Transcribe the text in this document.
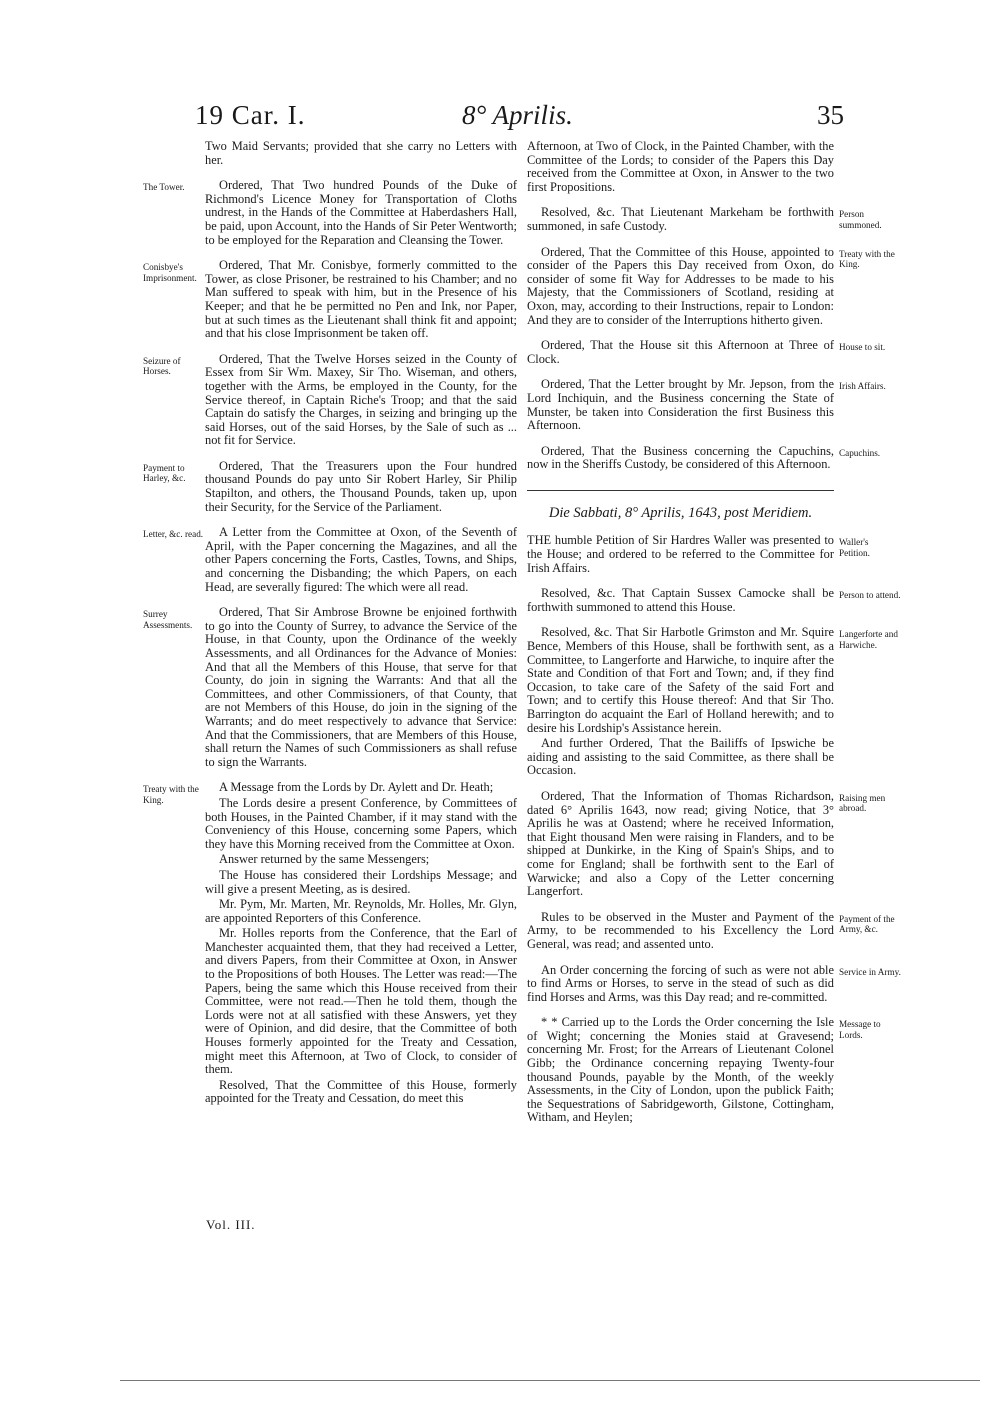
19 Car. I.	8° Aprilis.	35
Two Maid Servants; provided that she carry no Letters with her.
Ordered, That Two hundred Pounds of the Duke of Richmond's Licence Money for Transportation of Cloths undrest, in the Hands of the Committee at Haberdashers Hall, be paid, upon Account, into the Hands of Sir Peter Wentworth; to be employed for the Reparation and Cleansing the Tower.
The Tower.
Ordered, That Mr. Conisbye, formerly committed to the Tower, as close Prisoner, be restrained to his Chamber; and no Man suffered to speak with him, but in the Presence of his Keeper; and that he be permitted no Pen and Ink, nor Paper, but at such times as the Lieutenant shall think fit and appoint; and that his close Imprisonment be taken off.
Conisbye's Imprisonment.
Ordered, That the Twelve Horses seized in the County of Essex from Sir Wm. Maxey, Sir Tho. Wiseman, and others, together with the Arms, be employed in the County, for the Service thereof, in Captain Riche's Troop; and that the said Captain do satisfy the Charges, in seizing and bringing up the said Horses, out of the said Horses, by the Sale of such as ... not fit for Service.
Seizure of Horses.
Ordered, That the Treasurers upon the Four hundred thousand Pounds do pay unto Sir Robert Harley, Sir Philip Stapilton, and others, the Thousand Pounds, taken up, upon their Security, for the Service of the Parliament.
Payment to Harley, &c.
A Letter from the Committee at Oxon, of the Seventh of April, with the Paper concerning the Magazines, and all the other Papers concerning the Forts, Castles, Towns, and Ships, and concerning the Disbanding; the which Papers, on each Head, are severally figured: The which were all read.
Letter, &c. read.
Ordered, That Sir Ambrose Browne be enjoined forthwith to go into the County of Surrey, to advance the Service of the House, in that County, upon the Ordinance of the weekly Assessments, and all Ordinances for the Advance of Monies: And that all the Members of this House, that serve for that County, do join in signing the Warrants: And that all the Committees, and other Commissioners, of that County, that are not Members of this House, do join in the signing of the Warrants; and do meet respectively to advance that Service: And that the Commissioners, that are Members of this House, shall return the Names of such Commissioners as shall refuse to sign the Warrants.
Surrey Assessments.
A Message from the Lords by Dr. Aylett and Dr. Heath;
Treaty with the King.	The Lords desire a present Conference, by Committees of both Houses, in the Painted Chamber, if it may stand with the Conveniency of this House, concerning some Papers, which they have this Morning received from the Committee at Oxon.
Answer returned by the same Messengers;
The House has considered their Lordships Message; and will give a present Meeting, as is desired.
Mr. Pym, Mr. Marten, Mr. Reynolds, Mr. Holles, Mr. Glyn, are appointed Reporters of this Conference.
Mr. Holles reports from the Conference, that the Earl of Manchester acquainted them, that they had received a Letter, and divers Papers, from their Committee at Oxon, in Answer to the Propositions of both Houses. The Letter was read:—The Papers, being the same which this House received from their Committee, were not read.—Then he told them, though the Lords were not at all satisfied with these Answers, yet they were of Opinion, and did desire, that the Committee of both Houses formerly appointed for the Treaty and Cessation, might meet this Afternoon, at Two of Clock, to consider of them.
Resolved, That the Committee of this House, formerly appointed for the Treaty and Cessation, do meet this
Afternoon, at Two of Clock, in the Painted Chamber, with the Committee of the Lords; to consider of the Papers this Day received from the Committee at Oxon, in Answer to the two first Propositions.
Resolved, &c. That Lieutenant Markeham be forthwith summoned, in safe Custody.
Person summoned.
Ordered, That the Committee of this House, appointed to consider of the Papers this Day received from Oxon, do consider of some fit Way for Addresses to be made to his Majesty, that the Commissioners of Scotland, residing at Oxon, may, according to their Instructions, repair to London: And they are to consider of the Interruptions hitherto given.
Treaty with the King.
Ordered, That the House sit this Afternoon at Three of Clock.
House to sit.
Ordered, That the Letter brought by Mr. Jepson, from the Lord Inchiquin, and the Business concerning the State of Munster, be taken into Consideration the first Business this Afternoon.
Irish Affairs.
Ordered, That the Business concerning the Capuchins, now in the Sheriffs Custody, be considered of this Afternoon.
Capuchins.
Die Sabbati, 8° Aprilis, 1643, post Meridiem.
THE humble Petition of Sir Hardres Waller was presented to the House; and ordered to be referred to the Committee for Irish Affairs.
Waller's Petition.
Resolved, &c. That Captain Sussex Camocke shall be forthwith summoned to attend this House.
Person to attend.
Resolved, &c. That Sir Harbotle Grimston and Mr. Squire Bence, Members of this House, shall be forthwith sent, as a Committee, to Langerforte and Harwiche, to inquire after the State and Condition of that Fort and Town; and, if they find Occasion, to take care of the Safety of the said Fort and Town; and to certify this House thereof: And that Sir Tho. Barrington do acquaint the Earl of Holland herewith; and to desire his Lordship's Assistance herein.
Langerforte and Harwiche.
And further Ordered, That the Bailiffs of Ipswiche be aiding and assisting to the said Committee, as there shall be Occasion.
Ordered, That the Information of Thomas Richardson, dated 6° Aprilis 1643, now read; giving Notice, that 3° Aprilis he was at Oastend; where he received Information, that Eight thousand Men were raising in Flanders, and to be shipped at Dunkirke, in the King of Spain's Ships, and to come for England; shall be forthwith sent to the Earl of Warwicke; and also a Copy of the Letter concerning Langerfort.
Raising men abroad.
Rules to be observed in the Muster and Payment of the Army, to be recommended to his Excellency the Lord General, was read; and assented unto.
Payment of the Army, &c.
An Order concerning the forcing of such as were not able to find Arms or Horses, to serve in the stead of such as did find Horses and Arms, was this Day read; and re-committed.
Service in Army.
* * Carried up to the Lords the Order concerning the Isle of Wight; concerning the Monies staid at Gravesend; concerning Mr. Frost; for the Arrears of Lieutenant Colonel Gibb; the Ordinance concerning repaying Twenty-four thousand Pounds, payable by the Month, of the weekly Assessments, in the City of London, upon the publick Faith; the Sequestrations of Sabridgeworth, Gilstone, Cottingham, Witham, and Heylen;
Message to Lords.
Vol. III.
